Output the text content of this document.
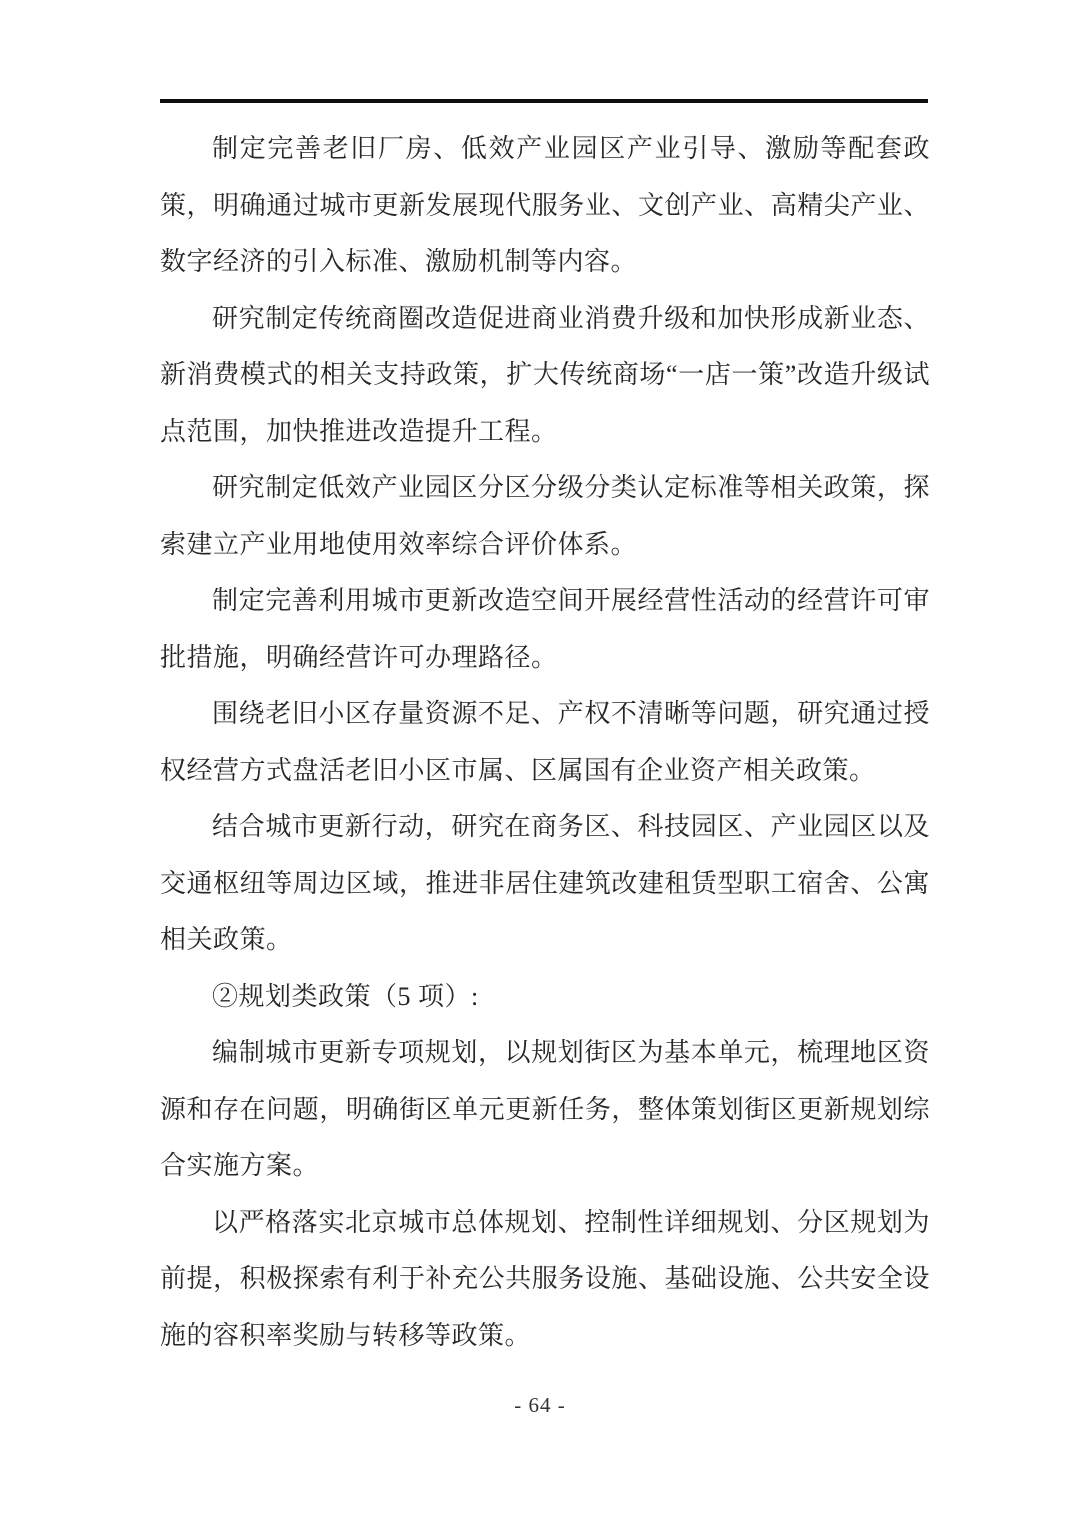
制定完善老旧厂房、低效产业园区产业引导、激励等配套政策，明确通过城市更新发展现代服务业、文创产业、高精尖产业、数字经济的引入标准、激励机制等内容。

研究制定传统商圈改造促进商业消费升级和加快形成新业态、新消费模式的相关支持政策，扩大传统商场“一店一策”改造升级试点范围，加快推进改造提升工程。

研究制定低效产业园区分区分级分类认定标准等相关政策，探索建立产业用地使用效率综合评价体系。

制定完善利用城市更新改造空间开展经营性活动的经营许可审批措施，明确经营许可办理路径。

围绕老旧小区存量资源不足、产权不清晰等问题，研究通过授权经营方式盘活老旧小区市属、区属国有企业资产相关政策。

结合城市更新行动，研究在商务区、科技园区、产业园区以及交通枢纽等周边区域，推进非居住建筑改建租赁型职工宿舍、公寓相关政策。

②规划类政策（5 项）:

编制城市更新专项规划，以规划街区为基本单元，梳理地区资源和存在问题，明确街区单元更新任务，整体策划街区更新规划综合实施方案。

以严格落实北京城市总体规划、控制性详细规划、分区规划为前提，积极探索有利于补充公共服务设施、基础设施、公共安全设施的容积率奖励与转移等政策。

- 64 -
